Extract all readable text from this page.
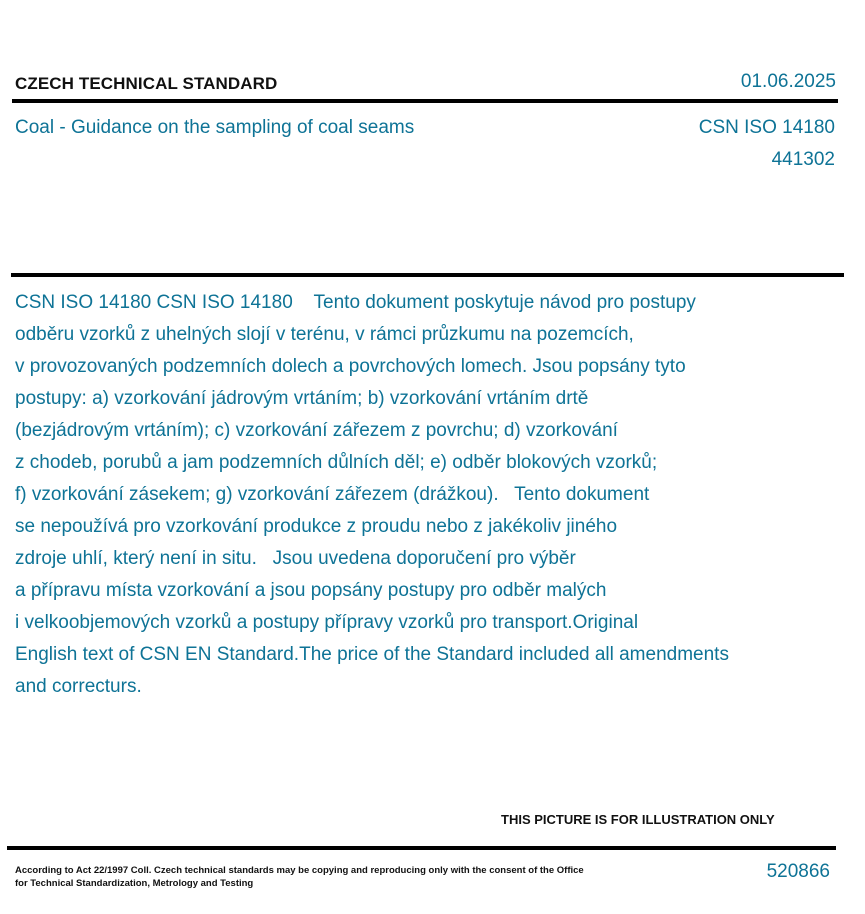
CZECH TECHNICAL STANDARD	01.06.2025
Coal - Guidance on the sampling of coal seams	CSN ISO 14180
441302
CSN ISO 14180 CSN ISO 14180    Tento dokument poskytuje návod pro postupy
odběru vzorků z uhelných slojí v terénu, v rámci průzkumu na pozemcích,
v provozovaných podzemních dolech a povrchových lomech. Jsou popsány tyto
postupy: a) vzorkování jádrovým vrtáním; b) vzorkování vrtáním drtě
(bezjádrovým vrtáním); c) vzorkování zářezem z povrchu; d) vzorkování
z chodeb, porubů a jam podzemních důlních děl; e) odběr blokových vzorků;
f) vzorkování zásekem; g) vzorkování zářezem (drážkou).   Tento dokument
se nepoužívá pro vzorkování produkce z proudu nebo z jakékoliv jiného
zdroje uhlí, který není in situ.   Jsou uvedena doporučení pro výběr
a přípravu místa vzorkování a jsou popsány postupy pro odběr malých
i velkoobjemových vzorků a postupy přípravy vzorků pro transport.Original
English text of CSN EN Standard.The price of the Standard included all amendments
and correcturs.
THIS PICTURE IS FOR ILLUSTRATION ONLY
According to Act 22/1997 Coll. Czech technical standards may be copying and reproducing only with the consent of the Office
for Technical Standardization, Metrology and Testing
520866
